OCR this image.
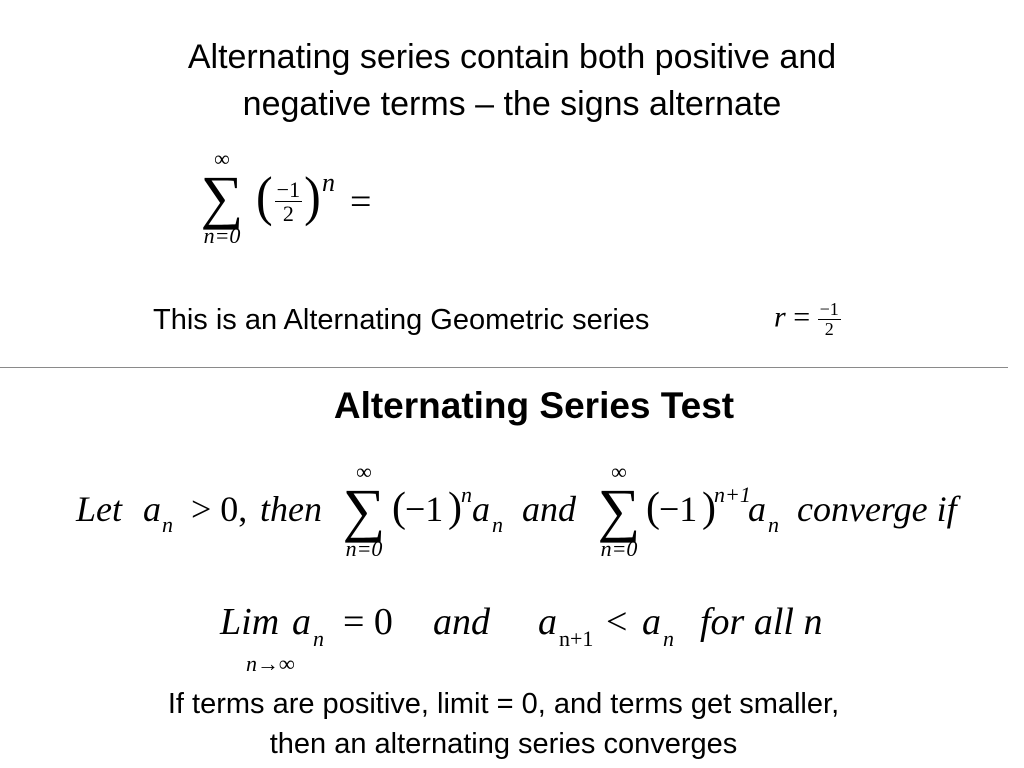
Alternating series contain both positive and
negative terms – the signs alternate
∞
∑
n=0
( $\frac{-1}{2}$ ) n =
This is an Alternating Geometric series	$r = \frac{-1}{2}$
Alternating Series Test
Let a n > 0, then
∞
∑
n=0
( −1 ) n a n and
∞
∑
n=0
( −1 )
n+1
a n converge if
Lim
n→∞
a n = 0 and a n+1 < a n for all n
If terms are positive, limit = 0, and terms get smaller,
then an alternating series converges
